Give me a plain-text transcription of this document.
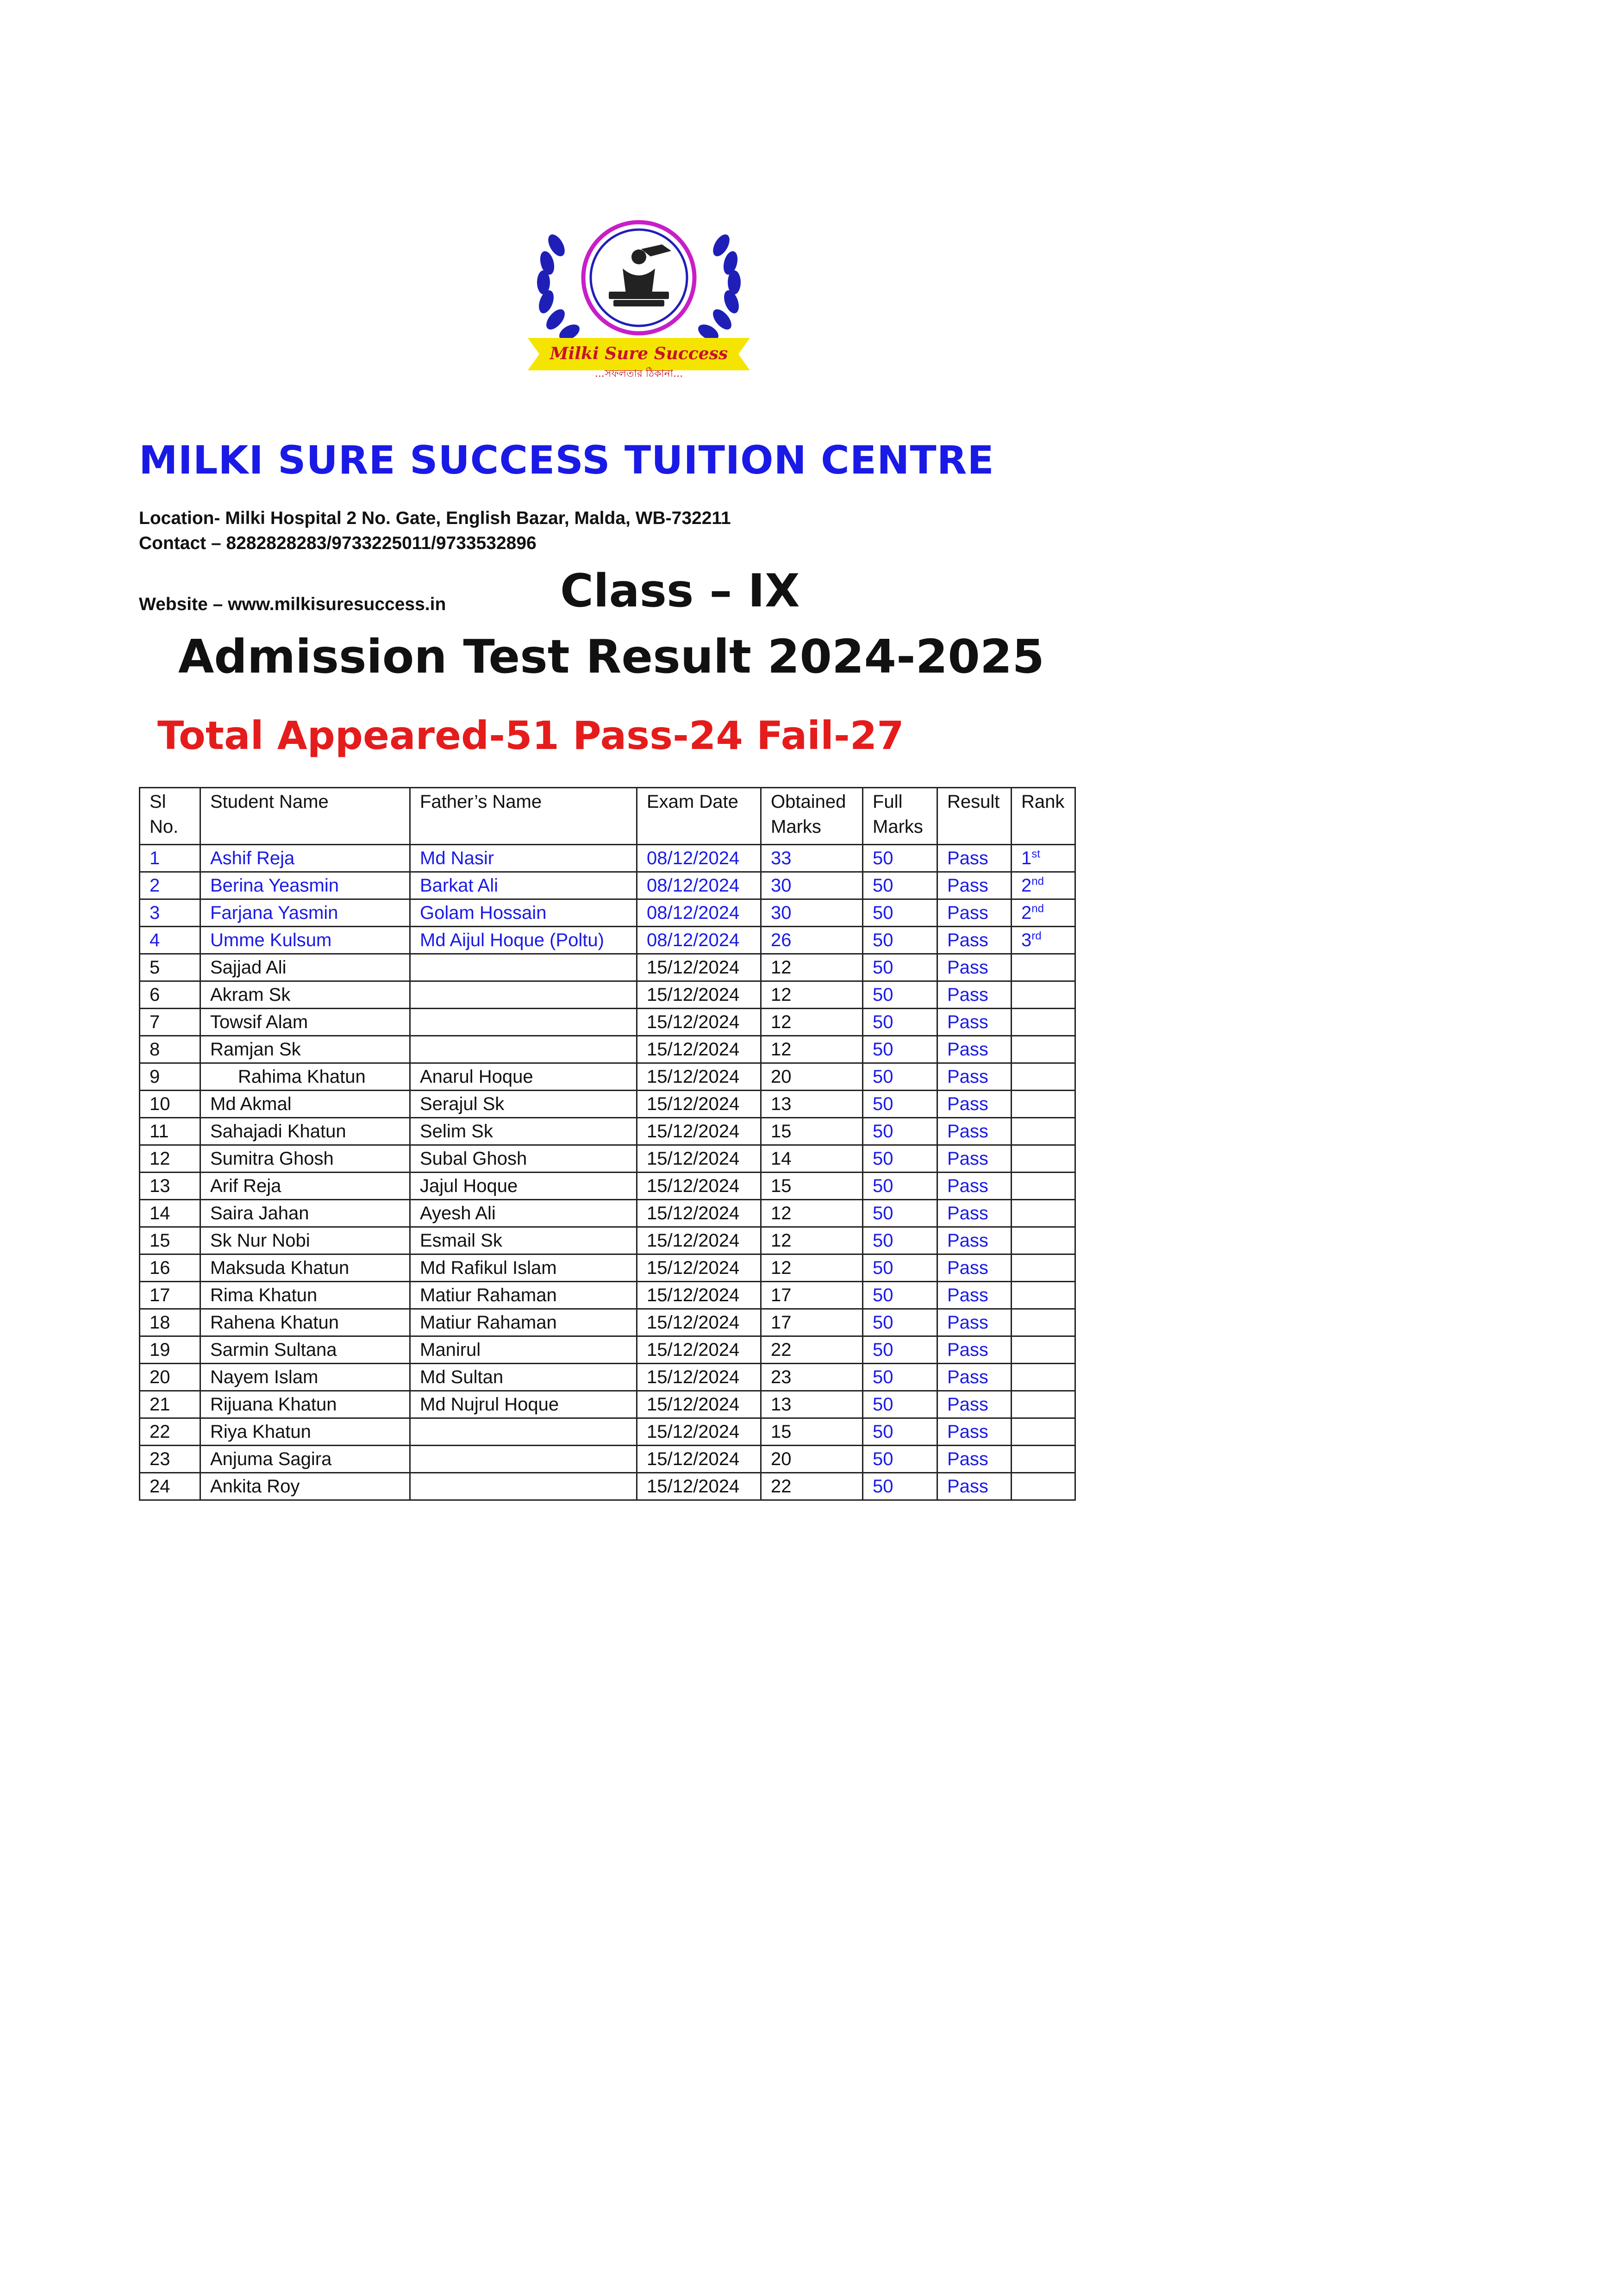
Milki Sure Success
...সফলতার ঠিকানা...
MILKI SURE SUCCESS TUITION CENTRE
Location- Milki Hospital 2 No. Gate, English Bazar, Malda, WB-732211
Contact – 8282828283/9733225011/9733532896
Website – www.milkisuresuccess.in	Class – IX
Admission Test Result 2024-2025
Total Appeared-51 Pass-24 Fail-27
Sl No.	Student Name	Father’s Name	Exam Date	Obtained Marks	Full Marks	Result	Rank
1	Ashif Reja	Md Nasir	08/12/2024	33	50	Pass	1st
2	Berina Yeasmin	Barkat Ali	08/12/2024	30	50	Pass	2nd
3	Farjana Yasmin	Golam Hossain	08/12/2024	30	50	Pass	2nd
4	Umme Kulsum	Md Aijul Hoque (Poltu)	08/12/2024	26	50	Pass	3rd
5	Sajjad Ali		15/12/2024	12	50	Pass	
6	Akram Sk		15/12/2024	12	50	Pass	
7	Towsif Alam		15/12/2024	12	50	Pass	
8	Ramjan Sk		15/12/2024	12	50	Pass	
9	Rahima Khatun	Anarul Hoque	15/12/2024	20	50	Pass	
10	Md Akmal	Serajul Sk	15/12/2024	13	50	Pass	
11	Sahajadi Khatun	Selim Sk	15/12/2024	15	50	Pass	
12	Sumitra Ghosh	Subal Ghosh	15/12/2024	14	50	Pass	
13	Arif Reja	Jajul Hoque	15/12/2024	15	50	Pass	
14	Saira Jahan	Ayesh Ali	15/12/2024	12	50	Pass	
15	Sk Nur Nobi	Esmail Sk	15/12/2024	12	50	Pass	
16	Maksuda Khatun	Md Rafikul Islam	15/12/2024	12	50	Pass	
17	Rima Khatun	Matiur Rahaman	15/12/2024	17	50	Pass	
18	Rahena Khatun	Matiur Rahaman	15/12/2024	17	50	Pass	
19	Sarmin Sultana	Manirul	15/12/2024	22	50	Pass	
20	Nayem Islam	Md Sultan	15/12/2024	23	50	Pass	
21	Rijuana Khatun	Md Nujrul Hoque	15/12/2024	13	50	Pass	
22	Riya Khatun		15/12/2024	15	50	Pass	
23	Anjuma Sagira		15/12/2024	20	50	Pass	
24	Ankita Roy		15/12/2024	22	50	Pass	
